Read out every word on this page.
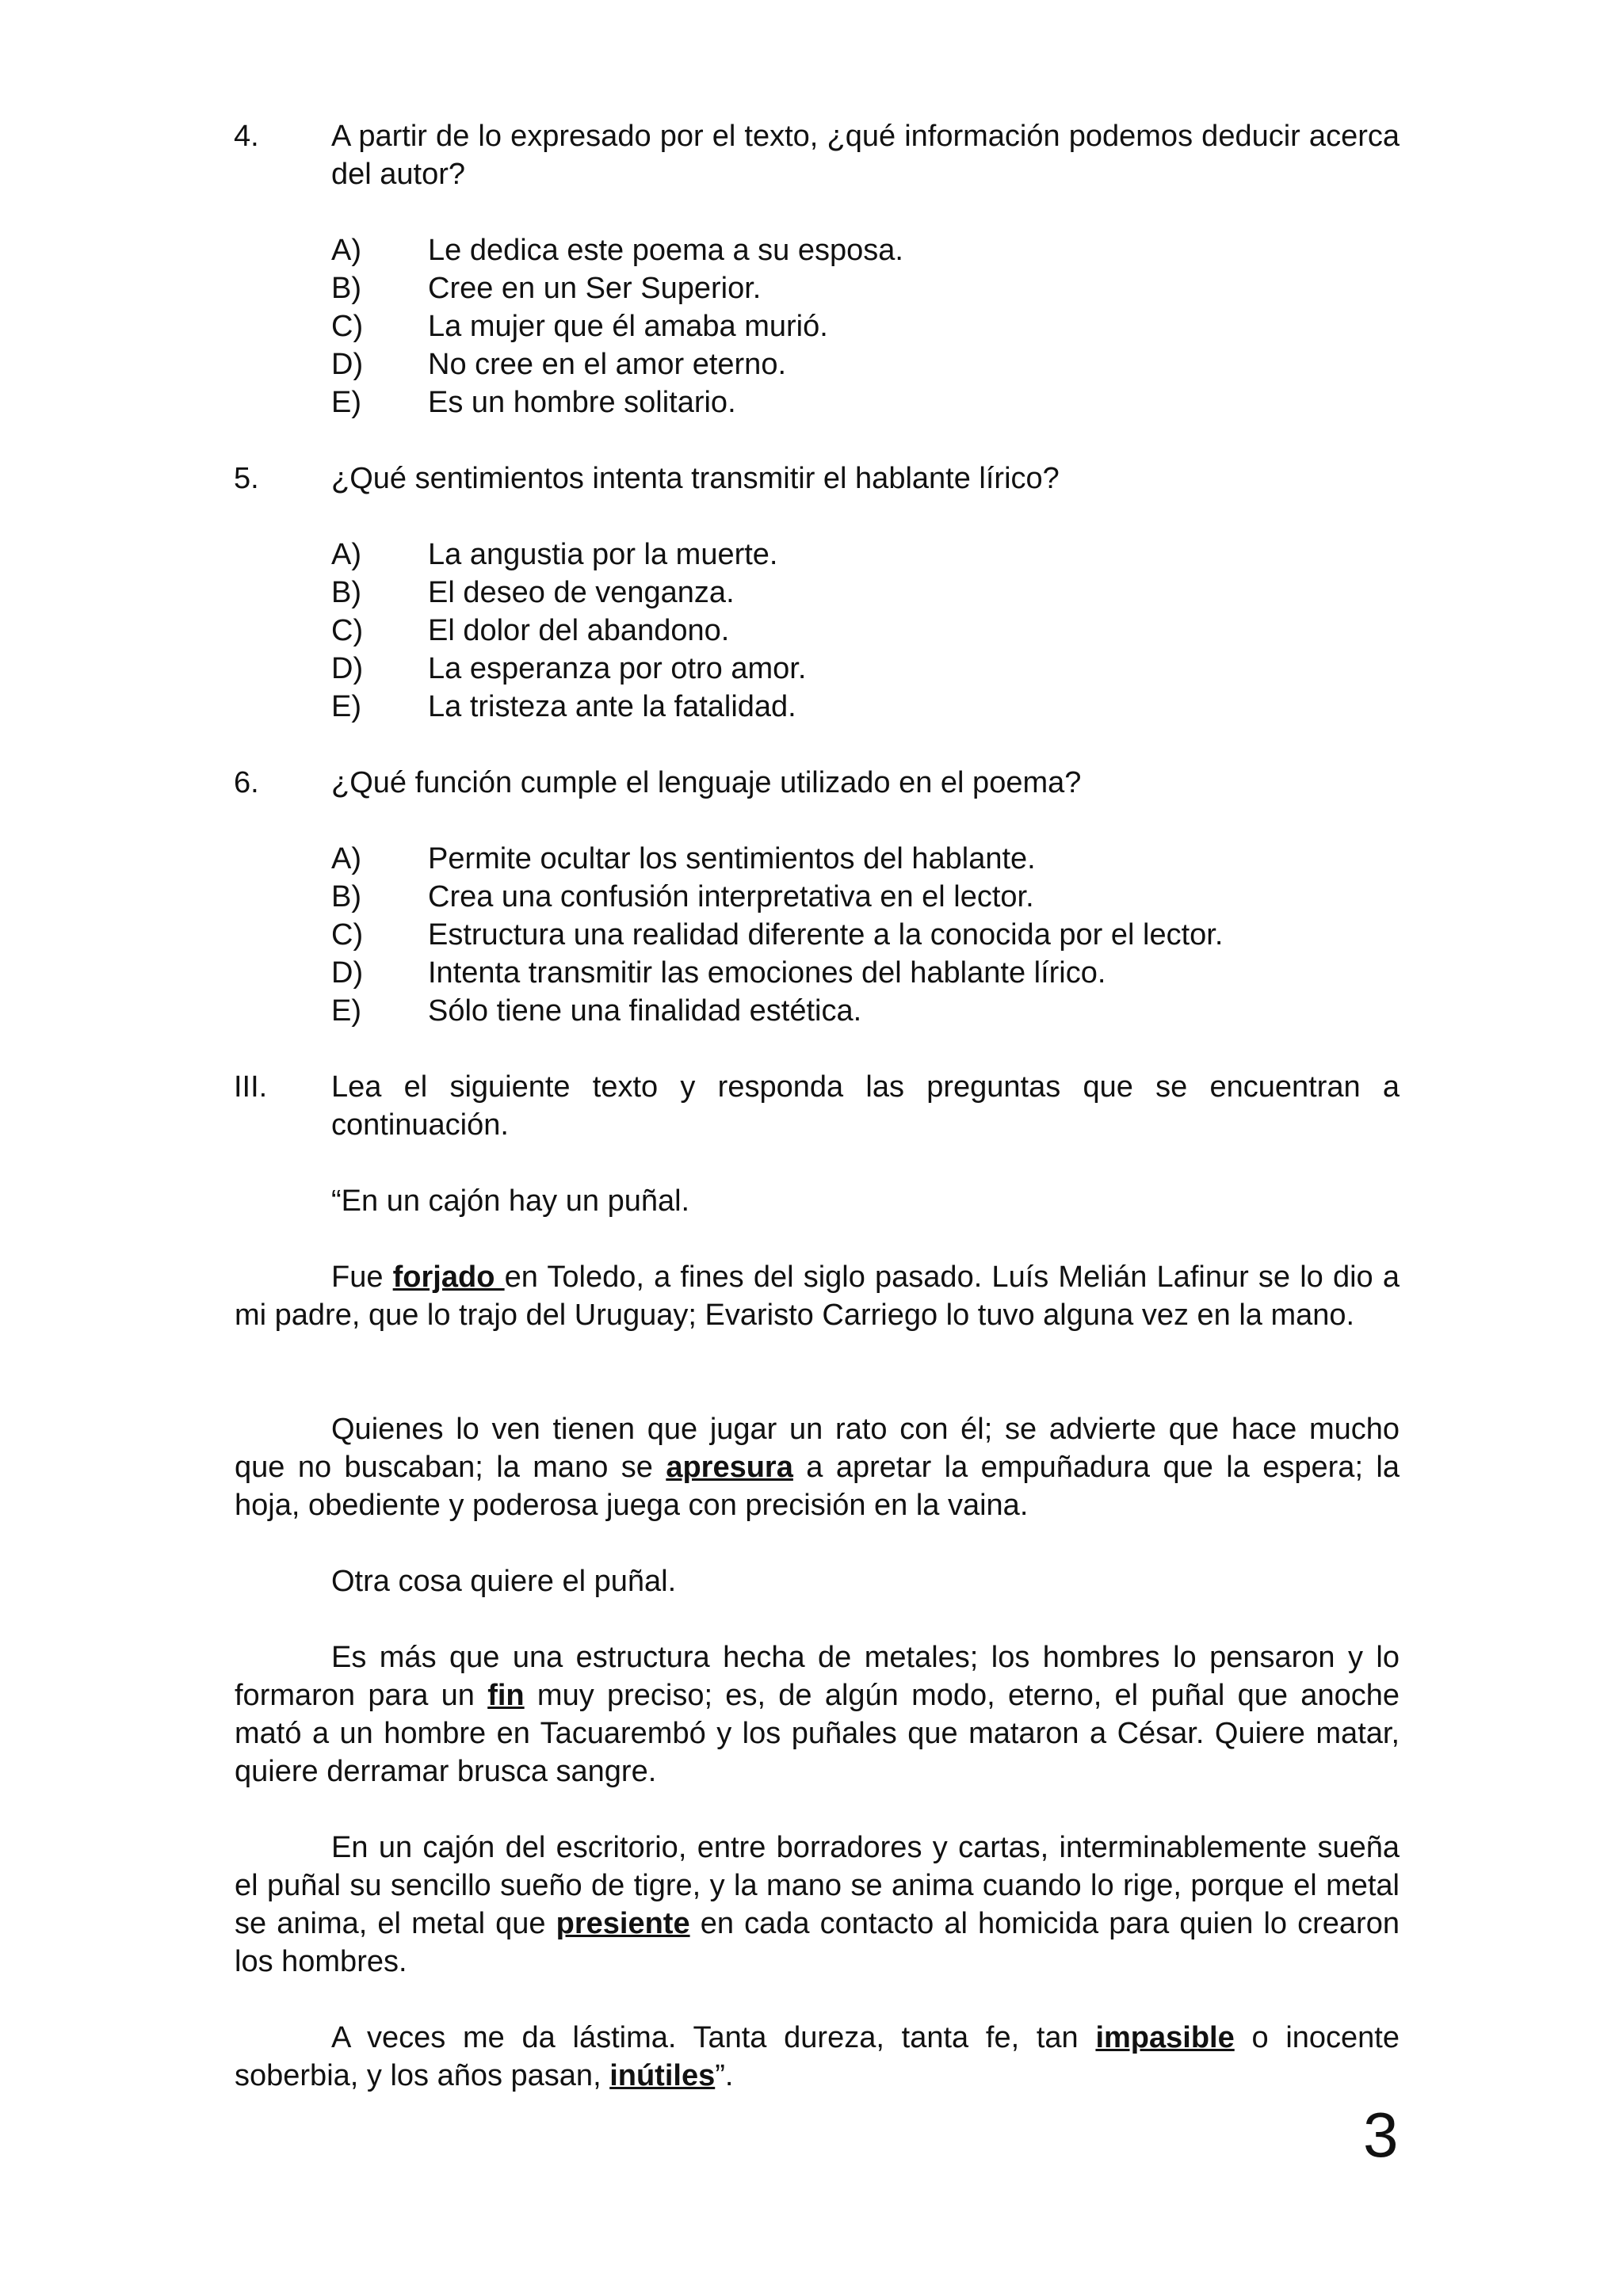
4. A partir de lo expresado por el texto, ¿qué información podemos deducir acerca del autor?
A) Le dedica este poema a su esposa.
B) Cree en un Ser Superior.
C) La mujer que él amaba murió.
D) No cree en el amor eterno.
E) Es un hombre solitario.
5. ¿Qué sentimientos intenta transmitir el hablante lírico?
A) La angustia por la muerte.
B) El deseo de venganza.
C) El dolor del abandono.
D) La esperanza por otro amor.
E) La tristeza ante la fatalidad.
6. ¿Qué función cumple el lenguaje utilizado en el poema?
A) Permite ocultar los sentimientos del hablante.
B) Crea una confusión interpretativa en el lector.
C) Estructura una realidad diferente a la conocida por el lector.
D) Intenta transmitir las emociones del hablante lírico.
E) Sólo tiene una finalidad estética.
III. Lea el siguiente texto y responda las preguntas que se encuentran a continuación.
“En un cajón hay un puñal.
Fue forjado en Toledo, a fines del siglo pasado. Luís Melián Lafinur se lo dio a mi padre, que lo trajo del Uruguay; Evaristo Carriego lo tuvo alguna vez en la mano.
Quienes lo ven tienen que jugar un rato con él; se advierte que hace mucho que no buscaban; la mano se apresura a apretar la empuñadura que la espera; la hoja, obediente y poderosa juega con precisión en la vaina.
Otra cosa quiere el puñal.
Es más que una estructura hecha de metales; los hombres lo pensaron y lo formaron para un fin muy preciso; es, de algún modo, eterno, el puñal que anoche mató a un hombre en Tacuarembó y los puñales que mataron a César. Quiere matar, quiere derramar brusca sangre.
En un cajón del escritorio, entre borradores y cartas, interminablemente sueña el puñal su sencillo sueño de tigre, y la mano se anima cuando lo rige, porque el metal se anima, el metal que presiente en cada contacto al homicida para quien lo crearon los hombres.
A veces me da lástima. Tanta dureza, tanta fe, tan impasible o inocente soberbia, y los años pasan, inútiles”.
3
